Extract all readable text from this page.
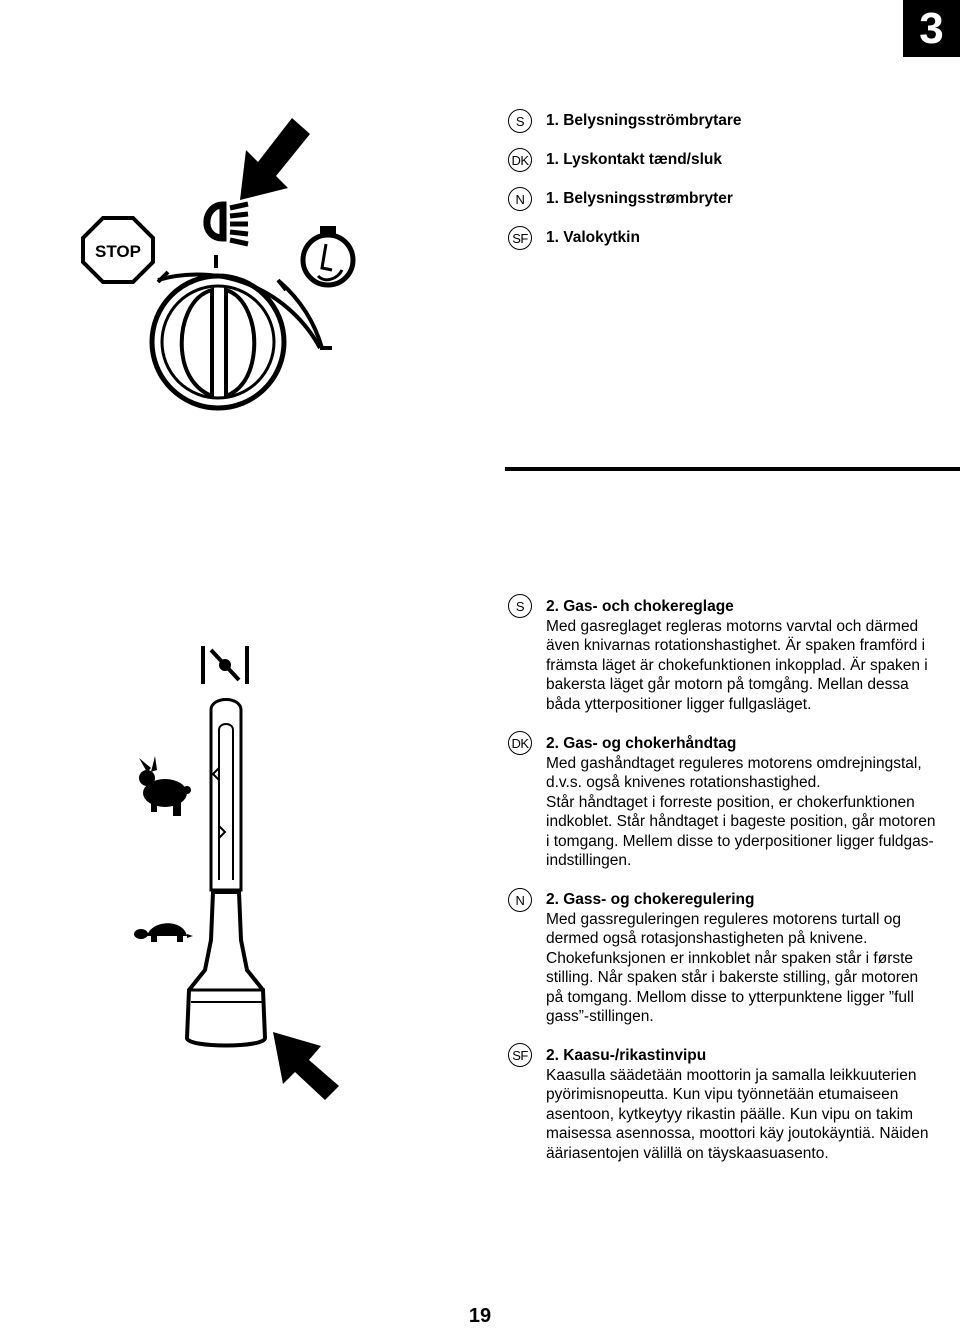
3
STOP
S	1. Belysningsströmbrytare
DK 1. Lyskontakt tænd/sluk
N	1. Belysningsstrømbryter
SF 1. Valokytkin
S	2. Gas- och chokereglage
Med gasreglaget regleras motorns varvtal och därmed
även knivarnas rotationshastighet. Är spaken framförd i
främsta läget är chokefunktionen inkopplad. Är spaken i
bakersta läget går motorn på tomgång. Mellan dessa
båda ytterpositioner ligger fullgasläget.
DK 2. Gas- og chokerhåndtag
Med gashåndtaget reguleres motorens omdrejningstal,
d.v.s. også knivenes rotationshastighed.
Står håndtaget i forreste position, er chokerfunktionen
indkoblet. Står håndtaget i bageste position, går motoren
i tomgang. Mellem disse to yderpositioner ligger fuldgas-
indstillingen.
N	2. Gass- og chokeregulering
Med gassreguleringen reguleres motorens turtall og
dermed også rotasjonshastigheten på knivene.
Chokefunksjonen er innkoblet når spaken står i første
stilling. Når spaken står i bakerste stilling, går motoren
på tomgang. Mellom disse to ytterpunktene ligger ”full
gass”-stillingen.
SF 2. Kaasu-/rikastinvipu
Kaasulla säädetään moottorin ja samalla leikkuuterien
pyörimisnopeutta. Kun vipu työnnetään etumaiseen
asentoon, kytkeytyy rikastin päälle. Kun vipu on takim
maisessa asennossa, moottori käy joutokäyntiä. Näiden
ääriasentojen välillä on täyskaasuasento.
19
